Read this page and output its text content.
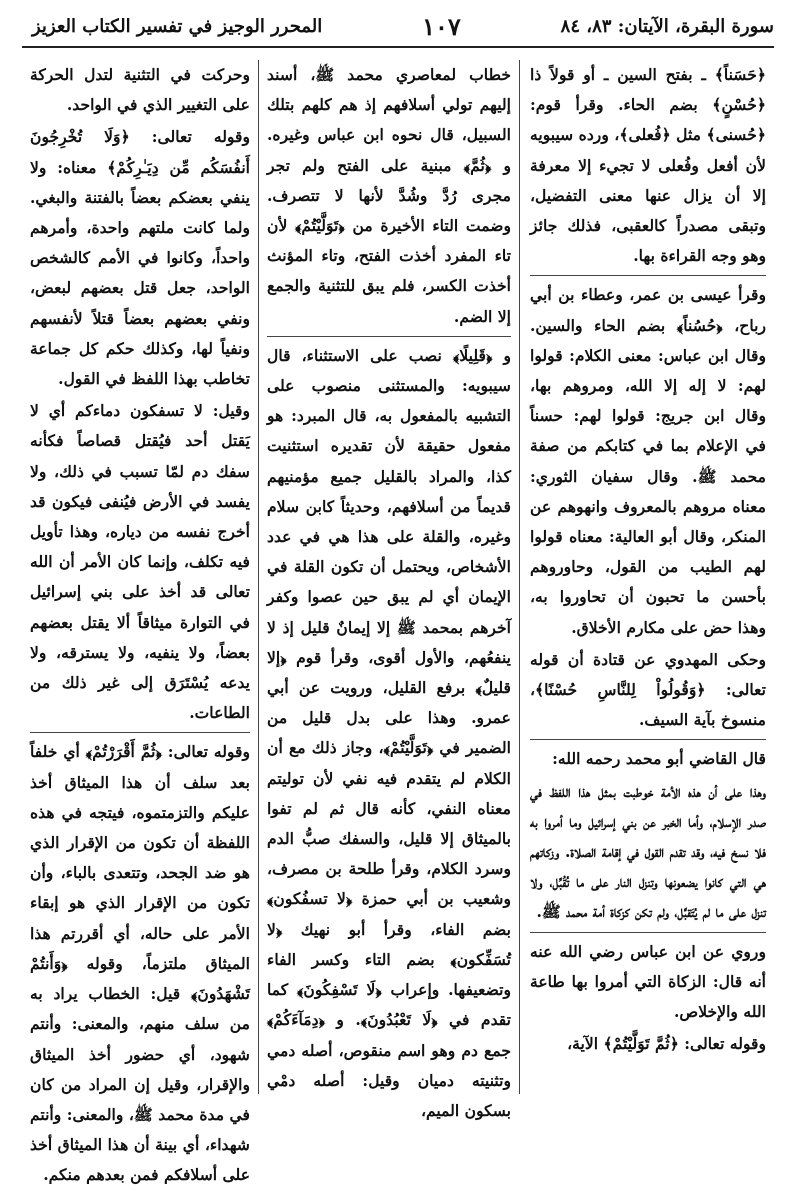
سورة البقرة، الآيتان: ٨٣، ٨٤
١٠٧
المحرر الوجيز في تفسير الكتاب العزيز

﴿حَسَناً﴾ ـ بفتح السين ـ أو قولاً ذا ﴿حُسْنٍ﴾ بضم الحاء. وقرأ قوم: ﴿حُسنى﴾ مثل ﴿فُعلى﴾، ورده سيبويه لأن أفعل وفُعلى لا تجيء إلا معرفة إلا أن يزال عنها معنى التفضيل، وتبقى مصدراً كالعقبى، فذلك جائز وهو وجه القراءة بها.

وقرأ عيسى بن عمر، وعطاء بن أبي رباح، ﴿حُسُناً﴾ بضم الحاء والسين. وقال ابن عباس: معنى الكلام: قولوا لهم: لا إله إلا الله، ومروهم بها، وقال ابن جريج: قولوا لهم: حسناً في الإعلام بما في كتابكم من صفة محمد ﷺ. وقال سفيان الثوري: معناه مروهم بالمعروف وانهوهم عن المنكر، وقال أبو العالية: معناه قولوا لهم الطيب من القول، وحاوروهم بأحسن ما تحبون أن تحاوروا به، وهذا حض على مكارم الأخلاق.

وحكى المهدوي عن قتادة أن قوله تعالى: ﴿وَقُولُواْ لِلنَّاسِ حُسْنًا﴾، منسوخ بآية السيف.

قال القاضي أبو محمد رحمه الله:

وهذا على أن هذه الأمة خوطبت بمثل هذا اللفظ في صدر الإسلام، وأما الخبر عن بني إسرائيل وما أمروا به فلا نسخ فيه، وقد تقدم القول في إقامة الصلاة. وزكاتهم هي التي كانوا يضعونها وتنزل النار على ما تُقُبِّل، ولا تنزل على ما لم يُتَقبَّل، ولم تكن كزكاة أمة محمد ﷺ.

وروي عن ابن عباس رضي الله عنه أنه قال: الزكاة التي أمروا بها طاعة الله والإخلاص.

وقوله تعالى: ﴿ثُمَّ تَوَلَّيْتُمْ﴾ الآية،

خطاب لمعاصري محمد ﷺ، أسند إليهم تولي أسلافهم إذ هم كلهم بتلك السبيل، قال نحوه ابن عباس وغيره. و ﴿ثُمَّ﴾ مبنية على الفتح ولم تجر مجرى رُدَّ وشُدَّ لأنها لا تتصرف. وضمت التاء الأخيرة من ﴿تَوَلَّيْتُمْ﴾ لأن تاء المفرد أخذت الفتح، وتاء المؤنث أخذت الكسر، فلم يبق للتثنية والجمع إلا الضم.

و ﴿قَلِيلًا﴾ نصب على الاستثناء، قال سيبويه: والمستثنى منصوب على التشبيه بالمفعول به، قال المبرد: هو مفعول حقيقة لأن تقديره استثنيت كذا، والمراد بالقليل جميع مؤمنيهم قديماً من أسلافهم، وحديثاً كابن سلام وغيره، والقلة على هذا هي في عدد الأشخاص، ويحتمل أن تكون القلة في الإيمان أي لم يبق حين عصوا وكفر آخرهم بمحمد ﷺ إلا إيمانٌ قليل إذ لا ينفعُهم، والأول أقوى، وقرأ قوم ﴿إلا قليلٌ﴾ برفع القليل، ورويت عن أبي عمرو. وهذا على بدل قليل من الضمير في ﴿تَوَلَّيْتُمْ﴾، وجاز ذلك مع أن الكلام لم يتقدم فيه نفي لأن توليتم معناه النفي، كأنه قال ثم لم تفوا بالميثاق إلا قليل، والسفك صبُّ الدم وسرد الكلام، وقرأ طلحة بن مصرف، وشعيب بن أبي حمزة ﴿لا تسفُكون﴾ بضم الفاء، وقرأ أبو نهيك ﴿لا تُسَفِّكون﴾ بضم التاء وكسر الفاء وتضعيفها. وإعراب ﴿لَا تَسْفِكُونَ﴾ كما تقدم في ﴿لَا تَعْبُدُونَ﴾. و ﴿دِمَآءَكُمْ﴾ جمع دم وهو اسم منقوص، أصله دمي وتثنيته دميان وقيل: أصله دمْي بسكون الميم،

وحركت في التثنية لتدل الحركة على التغيير الذي في الواحد.

وقوله تعالى: ﴿وَلَا تُخْرِجُونَ أَنفُسَكُم مِّن دِيَـٰرِكُمْ﴾ معناه: ولا ينفي بعضكم بعضاً بالفتنة والبغي. ولما كانت ملتهم واحدة، وأمرهم واحداً، وكانوا في الأمم كالشخص الواحد، جعل قتل بعضهم لبعض، ونفي بعضهم بعضاً قتلاً لأنفسهم ونفياً لها، وكذلك حكم كل جماعة تخاطب بهذا اللفظ في القول.

وقيل: لا تسفكون دماءكم أي لا يَقتل أحد فيُقتل قصاصاً فكأنه سفك دم لمّا تسبب في ذلك، ولا يفسد في الأرض فيُنفى فيكون قد أخرج نفسه من دياره، وهذا تأويل فيه تكلف، وإنما كان الأمر أن الله تعالى قد أخذ على بني إسرائيل في التوارة ميثاقاً ألا يقتل بعضهم بعضاً، ولا ينفيه، ولا يسترقه، ولا يدعه يُسْتَرَق إلى غير ذلك من الطاعات.

وقوله تعالى: ﴿ثُمَّ أَقْرَرْتُمْ﴾ أي خلفاً بعد سلف أن هذا الميثاق أخذ عليكم والتزمتموه، فيتجه في هذه اللفظة أن تكون من الإقرار الذي هو ضد الجحد، وتتعدى بالباء، وأن تكون من الإقرار الذي هو إبقاء الأمر على حاله، أي أقررتم هذا الميثاق ملتزماً، وقوله ﴿وَأَنتُمْ تَشْهَدُونَ﴾ قيل: الخطاب يراد به من سلف منهم، والمعنى: وأنتم شهود، أي حضور أخذ الميثاق والإقرار، وقيل إن المراد من كان في مدة محمد ﷺ، والمعنى: وأنتم شهداء، أي بينة أن هذا الميثاق أخذ على أسلافكم فمن بعدهم منكم.
